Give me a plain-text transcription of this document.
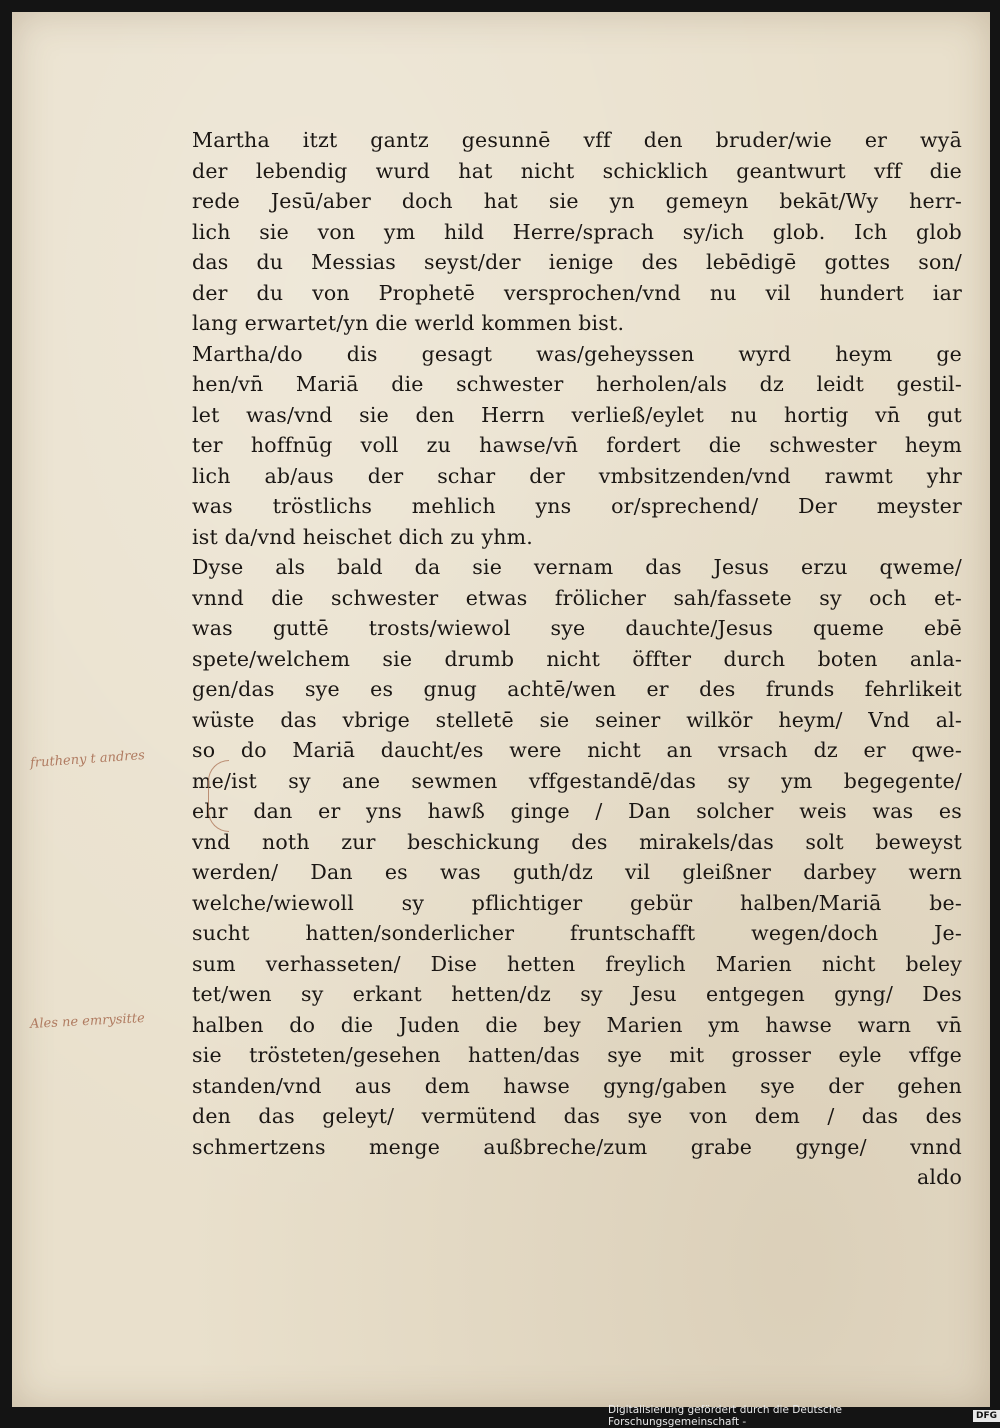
Martha itzt gantz gesunnē vff den bruder/wie er wyā
der lebendig wurd hat nicht schicklich geantwurt vff die
rede Jesū/aber doch hat sie yn gemeyn bekāt/Wy herr-
lich sie von ym hild Herre/sprach sy/ich glob. Ich glob
das du Messias seyst/der ienige des lebēdigē gottes son/
der du von Prophetē versprochen/vnd nu vil hundert iar
lang erwartet/yn die werld kommen bist.
Martha/do dis gesagt was/geheyssen wyrd heym ge
hen/vn̄ Mariā die schwester herholen/als dz leidt gestil-
let was/vnd sie den Herrn verließ/eylet nu hortig vn̄ gut
ter hoffnūg voll zu hawse/vn̄ fordert die schwester heym
lich ab/aus der schar der vmbsitzenden/vnd rawmt yhr
was tröstlichs mehlich yns or/sprechend/ Der meyster
ist da/vnd heischet dich zu yhm.
Dyse als bald da sie vernam das Jesus erzu qweme/
vnnd die schwester etwas frölicher sah/fassete sy och et-
was guttē trosts/wiewol sye dauchte/Jesus queme ebē
spete/welchem sie drumb nicht öffter durch boten anla-
gen/das sye es gnug achtē/wen er des frunds fehrlikeit
wüste das vbrige stelletē sie seiner wilkör heym/ Vnd al-
so do Mariā daucht/es were nicht an vrsach dz er qwe-
me/ist sy ane sewmen vffgestandē/das sy ym begegente/
ehr dan er yns hawß ginge / Dan solcher weis was es
vnd noth zur beschickung des mirakels/das solt beweyst
werden/ Dan es was guth/dz vil gleißner darbey wern
welche/wiewoll sy pflichtiger gebür halben/Mariā be-
sucht hatten/sonderlicher fruntschafft wegen/doch Je-
sum verhasseten/ Dise hetten freylich Marien nicht beley
tet/wen sy erkant hetten/dz sy Jesu entgegen gyng/ Des
halben do die Juden die bey Marien ym hawse warn vn̄
sie trösteten/gesehen hatten/das sye mit grosser eyle vffge
standen/vnd aus dem hawse gyng/gaben sye der gehen
den das geleyt/ vermütend das sye von dem / das des
schmertzens menge außbreche/zum grabe gynge/ vnnd
aldo
frutheny t andres
Ales ne emrysitte
Digitalisierung gefördert durch die Deutsche Forschungsgemeinschaft -	DFG
